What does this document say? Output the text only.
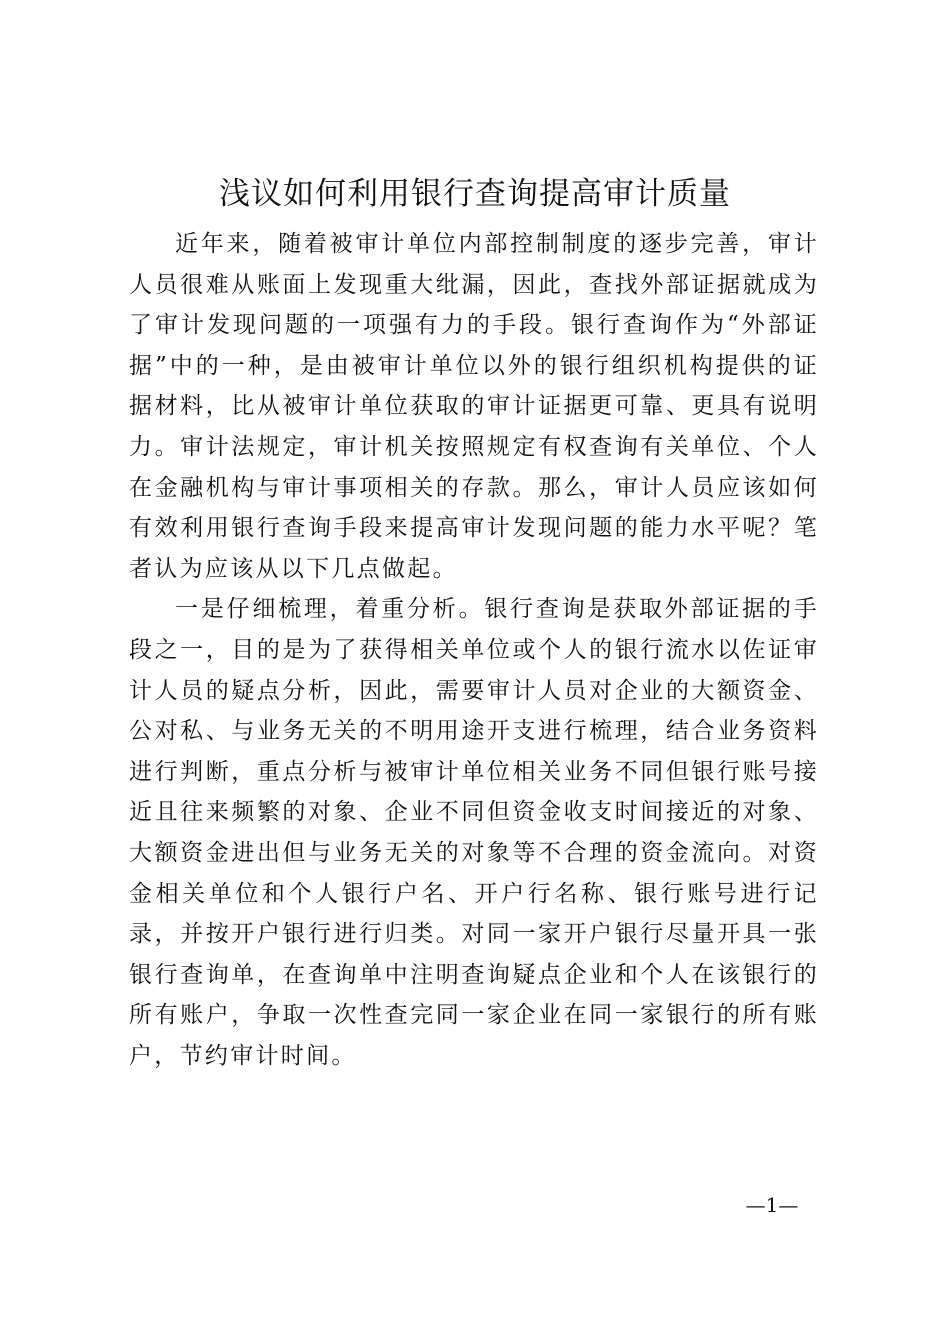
浅议如何利用银行查询提高审计质量

近年来，随着被审计单位内部控制制度的逐步完善，审计人员很难从账面上发现重大纰漏，因此，查找外部证据就成为了审计发现问题的一项强有力的手段。银行查询作为“外部证据”中的一种，是由被审计单位以外的银行组织机构提供的证据材料，比从被审计单位获取的审计证据更可靠、更具有说明力。审计法规定，审计机关按照规定有权查询有关单位、个人在金融机构与审计事项相关的存款。那么，审计人员应该如何有效利用银行查询手段来提高审计发现问题的能力水平呢？笔者认为应该从以下几点做起。

一是仔细梳理，着重分析。银行查询是获取外部证据的手段之一，目的是为了获得相关单位或个人的银行流水以佐证审计人员的疑点分析，因此，需要审计人员对企业的大额资金、公对私、与业务无关的不明用途开支进行梳理，结合业务资料进行判断，重点分析与被审计单位相关业务不同但银行账号接近且往来频繁的对象、企业不同但资金收支时间接近的对象、大额资金进出但与业务无关的对象等不合理的资金流向。对资金相关单位和个人银行户名、开户行名称、银行账号进行记录，并按开户银行进行归类。对同一家开户银行尽量开具一张银行查询单，在查询单中注明查询疑点企业和个人在该银行的所有账户，争取一次性查完同一家企业在同一家银行的所有账户，节约审计时间。

—1—
